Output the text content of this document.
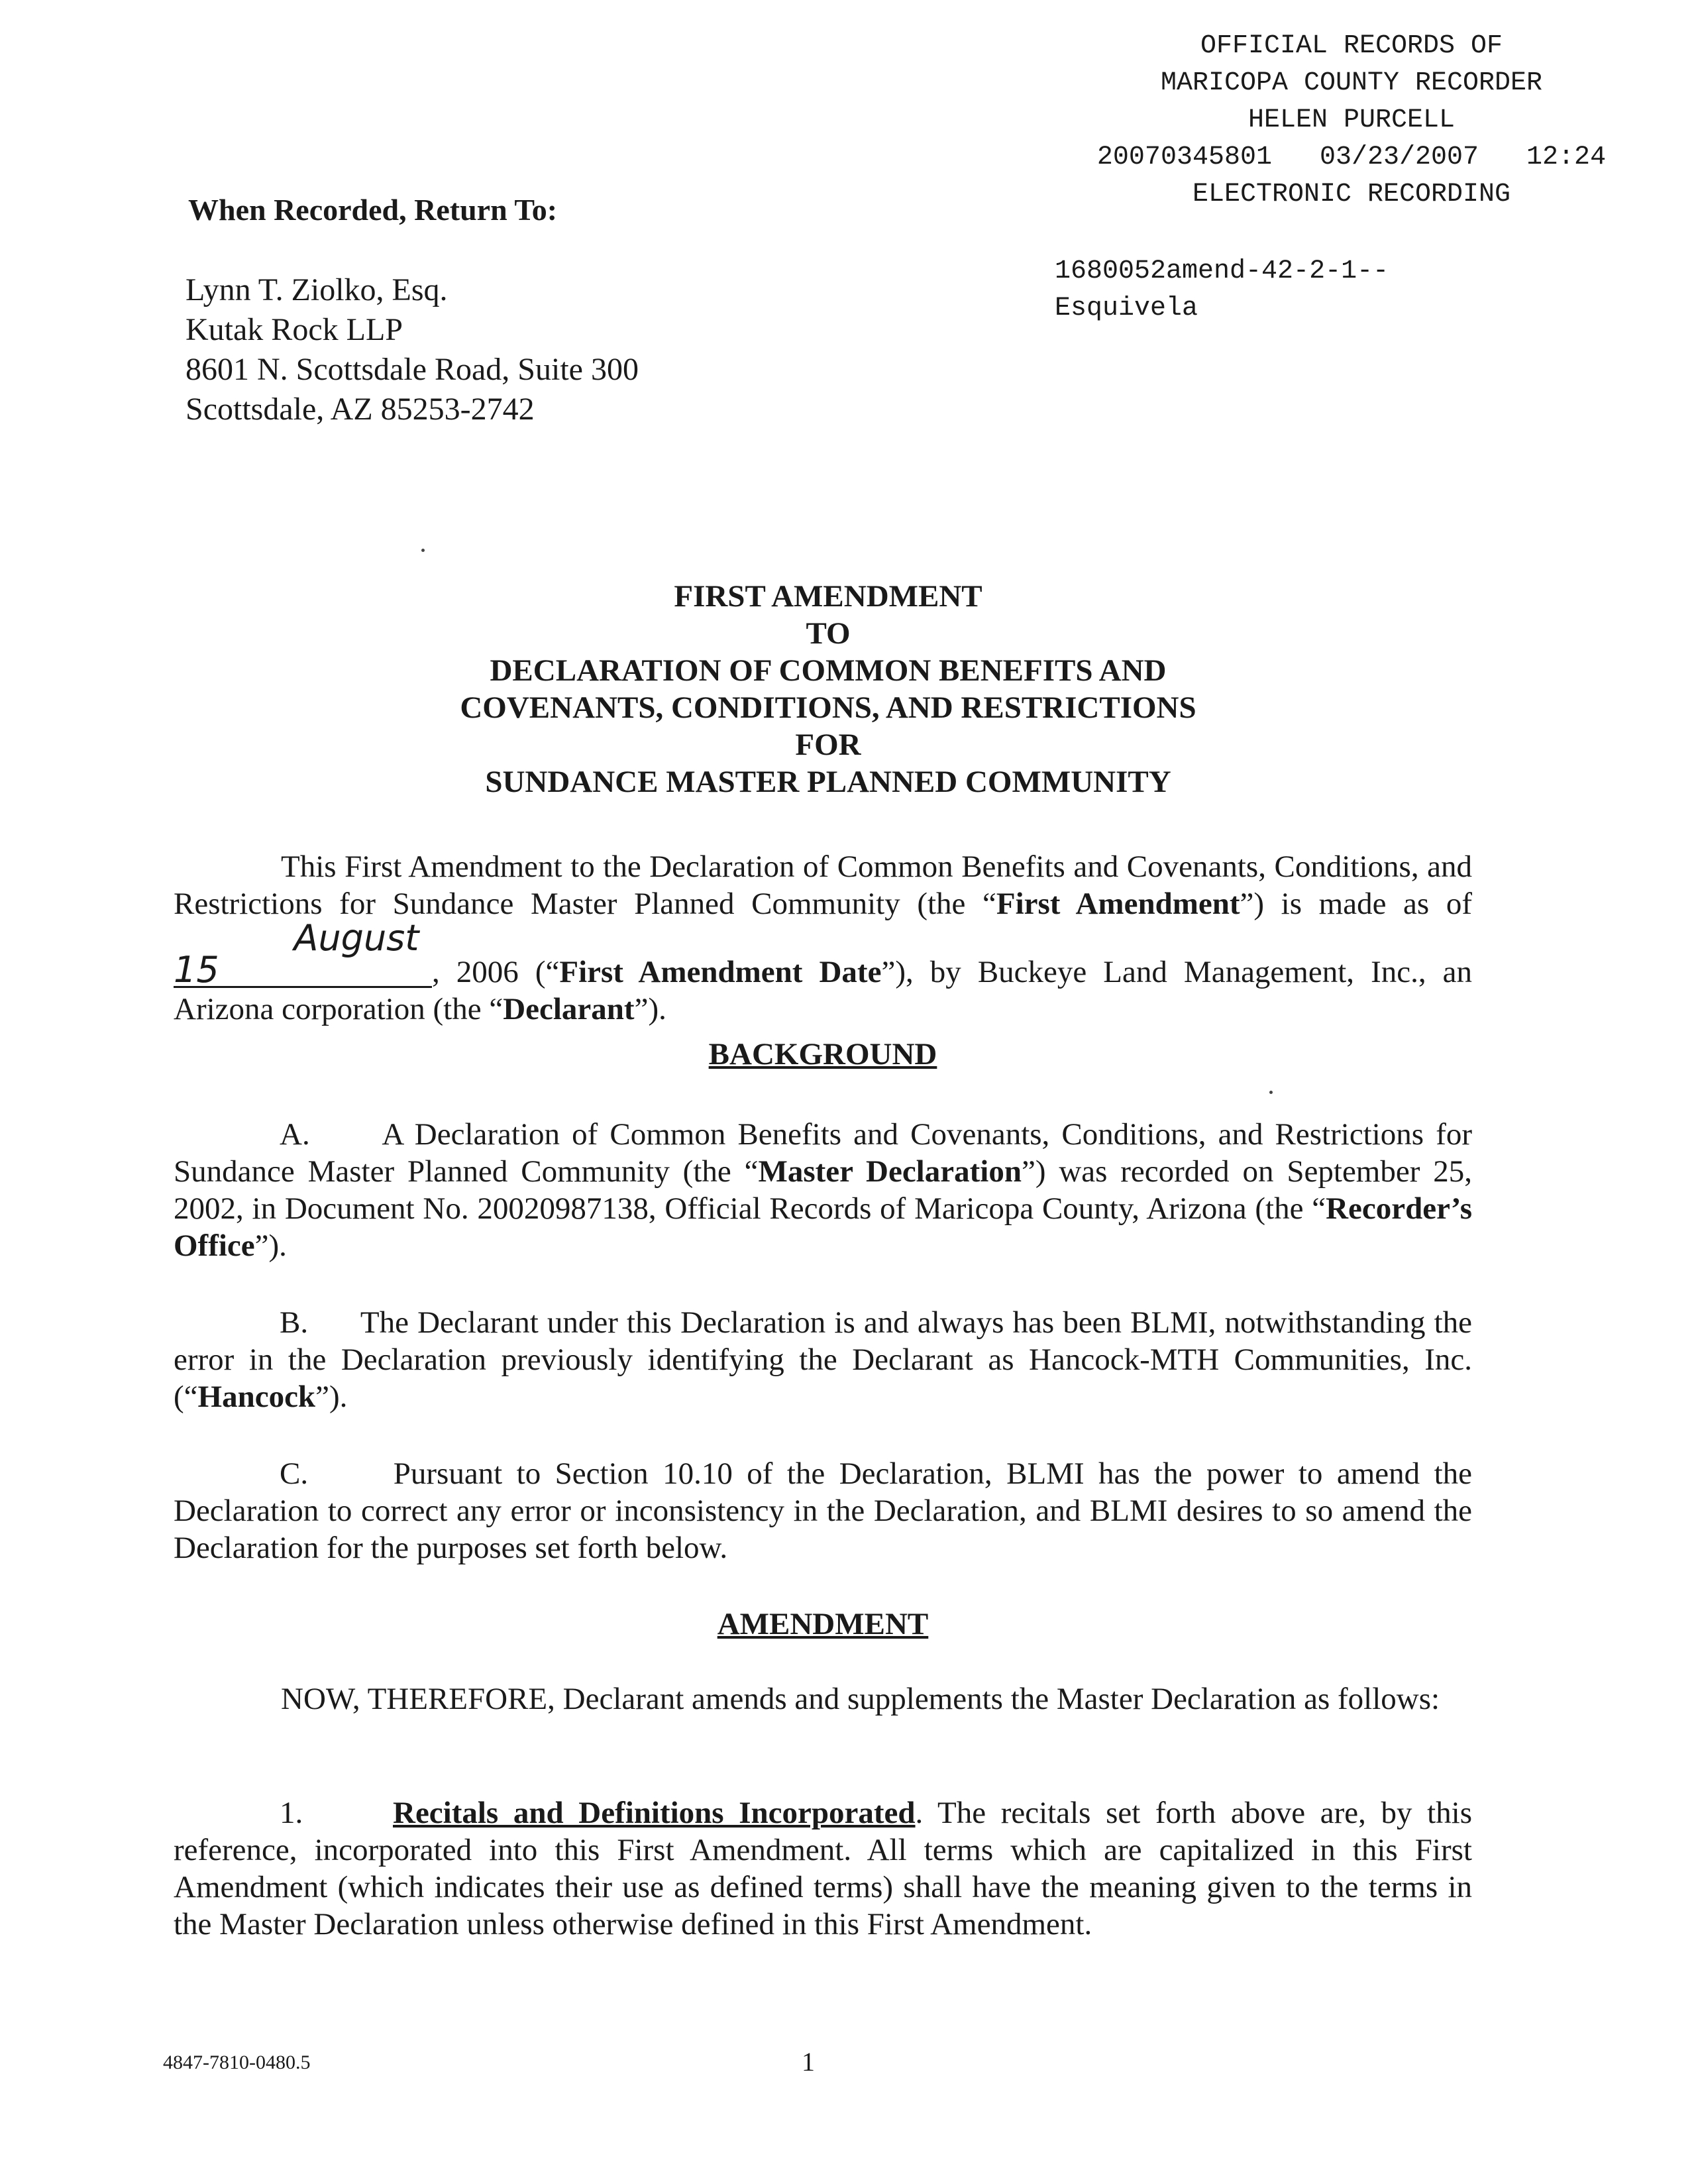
OFFICIAL RECORDS OF
MARICOPA COUNTY RECORDER
HELEN PURCELL
20070345801 03/23/2007 12:24
ELECTRONIC RECORDING
1680052amend-42-2-1--
Esquivela
When Recorded, Return To:
Lynn T. Ziolko, Esq.
Kutak Rock LLP
8601 N. Scottsdale Road, Suite 300
Scottsdale, AZ 85253-2742
FIRST AMENDMENT
TO
DECLARATION OF COMMON BENEFITS AND
COVENANTS, CONDITIONS, AND RESTRICTIONS
FOR
SUNDANCE MASTER PLANNED COMMUNITY
This First Amendment to the Declaration of Common Benefits and Covenants, Conditions, and Restrictions for Sundance Master Planned Community (the “First Amendment”) is made as of August 15	, 2006 (“First Amendment Date”), by Buckeye Land Management, Inc., an Arizona corporation (the “Declarant”).
BACKGROUND
A. A Declaration of Common Benefits and Covenants, Conditions, and Restrictions for Sundance Master Planned Community (the “Master Declaration”) was recorded on September 25, 2002, in Document No. 20020987138, Official Records of Maricopa County, Arizona (the “Recorder’s Office”).
B. The Declarant under this Declaration is and always has been BLMI, notwithstanding the error in the Declaration previously identifying the Declarant as Hancock-MTH Communities, Inc. (“Hancock”).
C.	Pursuant to Section 10.10 of the Declaration, BLMI has the power to amend the Declaration to correct any error or inconsistency in the Declaration, and BLMI desires to so amend the Declaration for the purposes set forth below.
AMENDMENT
NOW, THEREFORE, Declarant amends and supplements the Master Declaration as follows:
1.	Recitals and Definitions Incorporated. The recitals set forth above are, by this reference, incorporated into this First Amendment. All terms which are capitalized in this First Amendment (which indicates their use as defined terms) shall have the meaning given to the terms in the Master Declaration unless otherwise defined in this First Amendment.
4847-7810-0480.5	1
